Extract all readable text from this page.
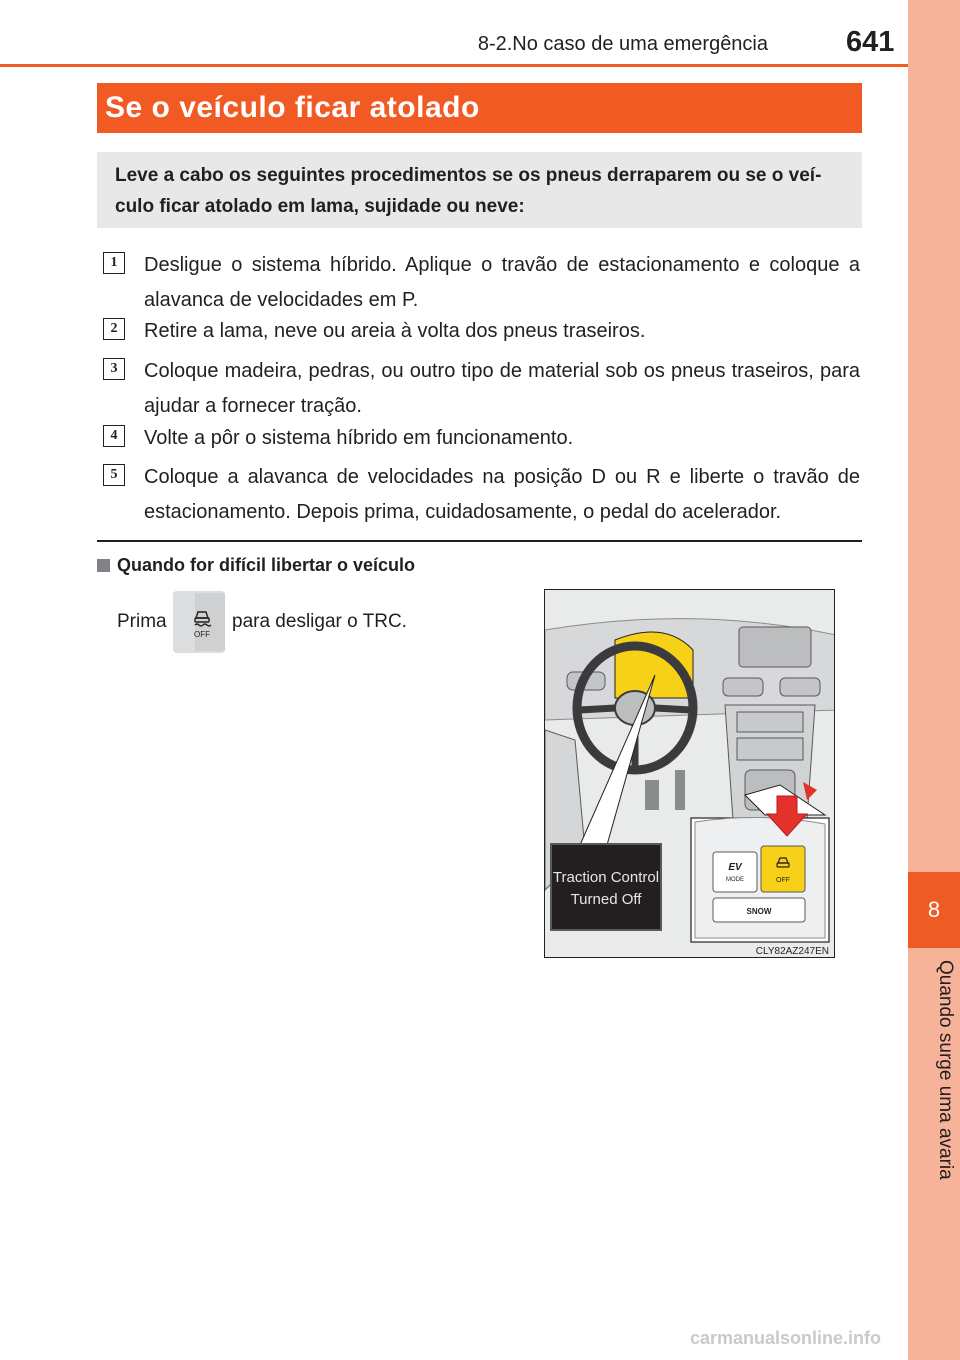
8
Quando surge uma avaria
8-2.No caso de uma emergência	641
Se o veículo ficar atolado
Leve a cabo os seguintes procedimentos se os pneus derraparem ou se o veí-culo ficar atolado em lama, sujidade ou neve:
1	Desligue o sistema híbrido. Aplique o travão de estacionamento e coloque a alavanca de velocidades em P.
2	Retire a lama, neve ou areia à volta dos pneus traseiros.
3	Coloque madeira, pedras, ou outro tipo de material sob os pneus traseiros, para ajudar a fornecer tração.
4	Volte a pôr o sistema híbrido em funcionamento.
5	Coloque a alavanca de velocidades na posição D ou R e liberte o travão de estacionamento. Depois prima, cuidadosamente, o pedal do acelerador.
Quando for difícil libertar o veículo
Prima
OFF
para desligar o TRC.
EV
MODE	OFF
SNOW
Traction Control
Turned Off
CLY82AZ247EN
carmanualsonline.info
